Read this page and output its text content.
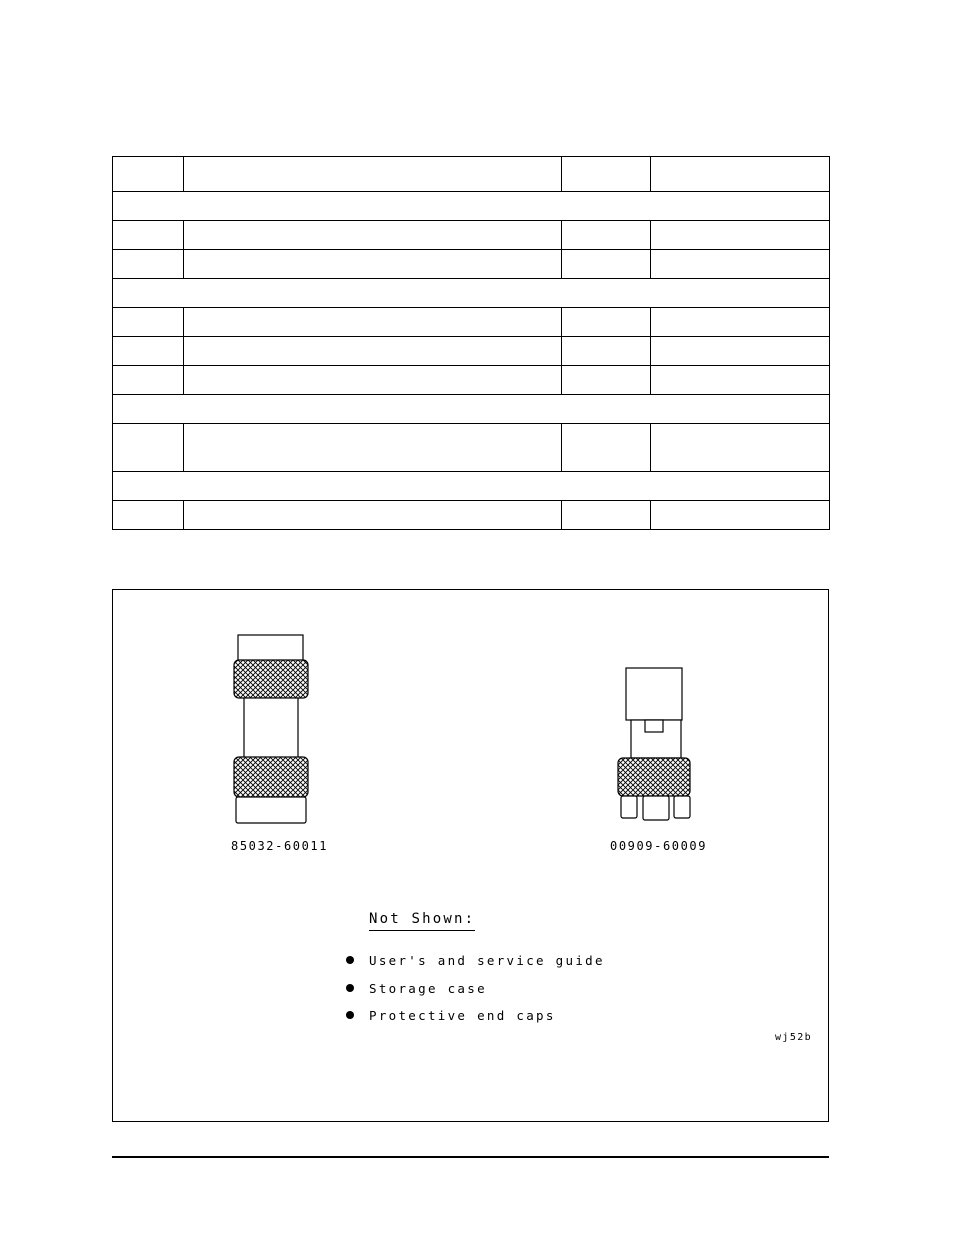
85032-60011	00909-60009
Not Shown:
User's and service guide
Storage case
Protective end caps
wj52b
